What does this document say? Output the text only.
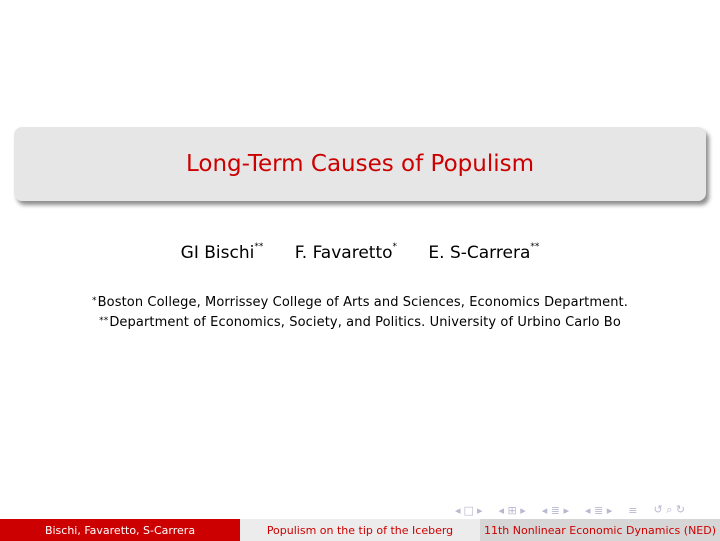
Long-Term Causes of Populism
GI Bischi** F. Favaretto* E. S-Carrera**
*Boston College, Morrissey College of Arts and Sciences, Economics Department.
**Department of Economics, Society, and Politics. University of Urbino Carlo Bo
◂ □ ▸ ◂ ⊞ ▸ ◂ ≣ ▸ ◂ ≣ ▸ ≡ ↺ ⌕ ↻
Bischi, Favaretto, S-Carrera	Populism on the tip of the Iceberg	11th Nonlinear Economic Dynamics (NED)
